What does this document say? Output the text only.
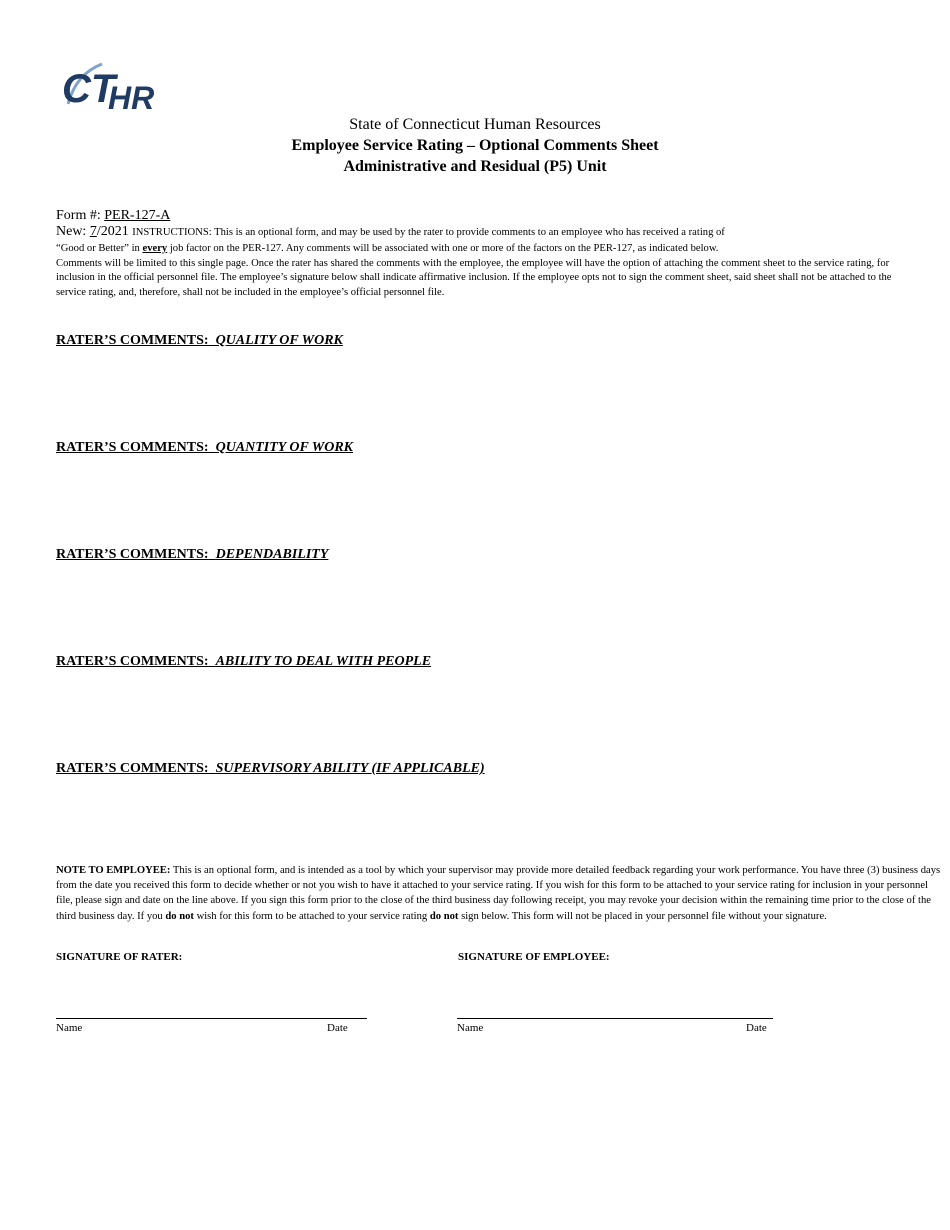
CT
HR
State of Connecticut Human Resources
Employee Service Rating – Optional Comments Sheet
Administrative and Residual (P5) Unit
Form #: PER-127-A
New: 7/2021 INSTRUCTIONS: This is an optional form, and may be used by the rater to provide comments to an employee who has received a rating of
“Good or Better” in every job factor on the PER-127. Any comments will be associated with one or more of the factors on the PER-127, as indicated below.
Comments will be limited to this single page. Once the rater has shared the comments with the employee, the employee will have the option of attaching the comment sheet to the service rating, for inclusion in the official personnel file. The employee’s signature below shall indicate affirmative inclusion. If the employee opts not to sign the comment sheet, said sheet shall not be attached to the service rating, and, therefore, shall not be included in the employee’s official personnel file.
RATER’S COMMENTS: QUALITY OF WORK
RATER’S COMMENTS: QUANTITY OF WORK
RATER’S COMMENTS: DEPENDABILITY
RATER’S COMMENTS: ABILITY TO DEAL WITH PEOPLE
RATER’S COMMENTS: SUPERVISORY ABILITY (IF APPLICABLE)
NOTE TO EMPLOYEE: This is an optional form, and is intended as a tool by which your supervisor may provide more detailed feedback regarding your work performance. You have three (3) business days from the date you received this form to decide whether or not you wish to have it attached to your service rating. If you wish for this form to be attached to your service rating for inclusion in your personnel file, please sign and date on the line above. If you sign this form prior to the close of the third business day following receipt, you may revoke your decision within the remaining time prior to the close of the third business day. If you do not wish for this form to be attached to your service rating do not sign below. This form will not be placed in your personnel file without your signature.
SIGNATURE OF RATER:	SIGNATURE OF EMPLOYEE:
Name	Date	Name	Date
